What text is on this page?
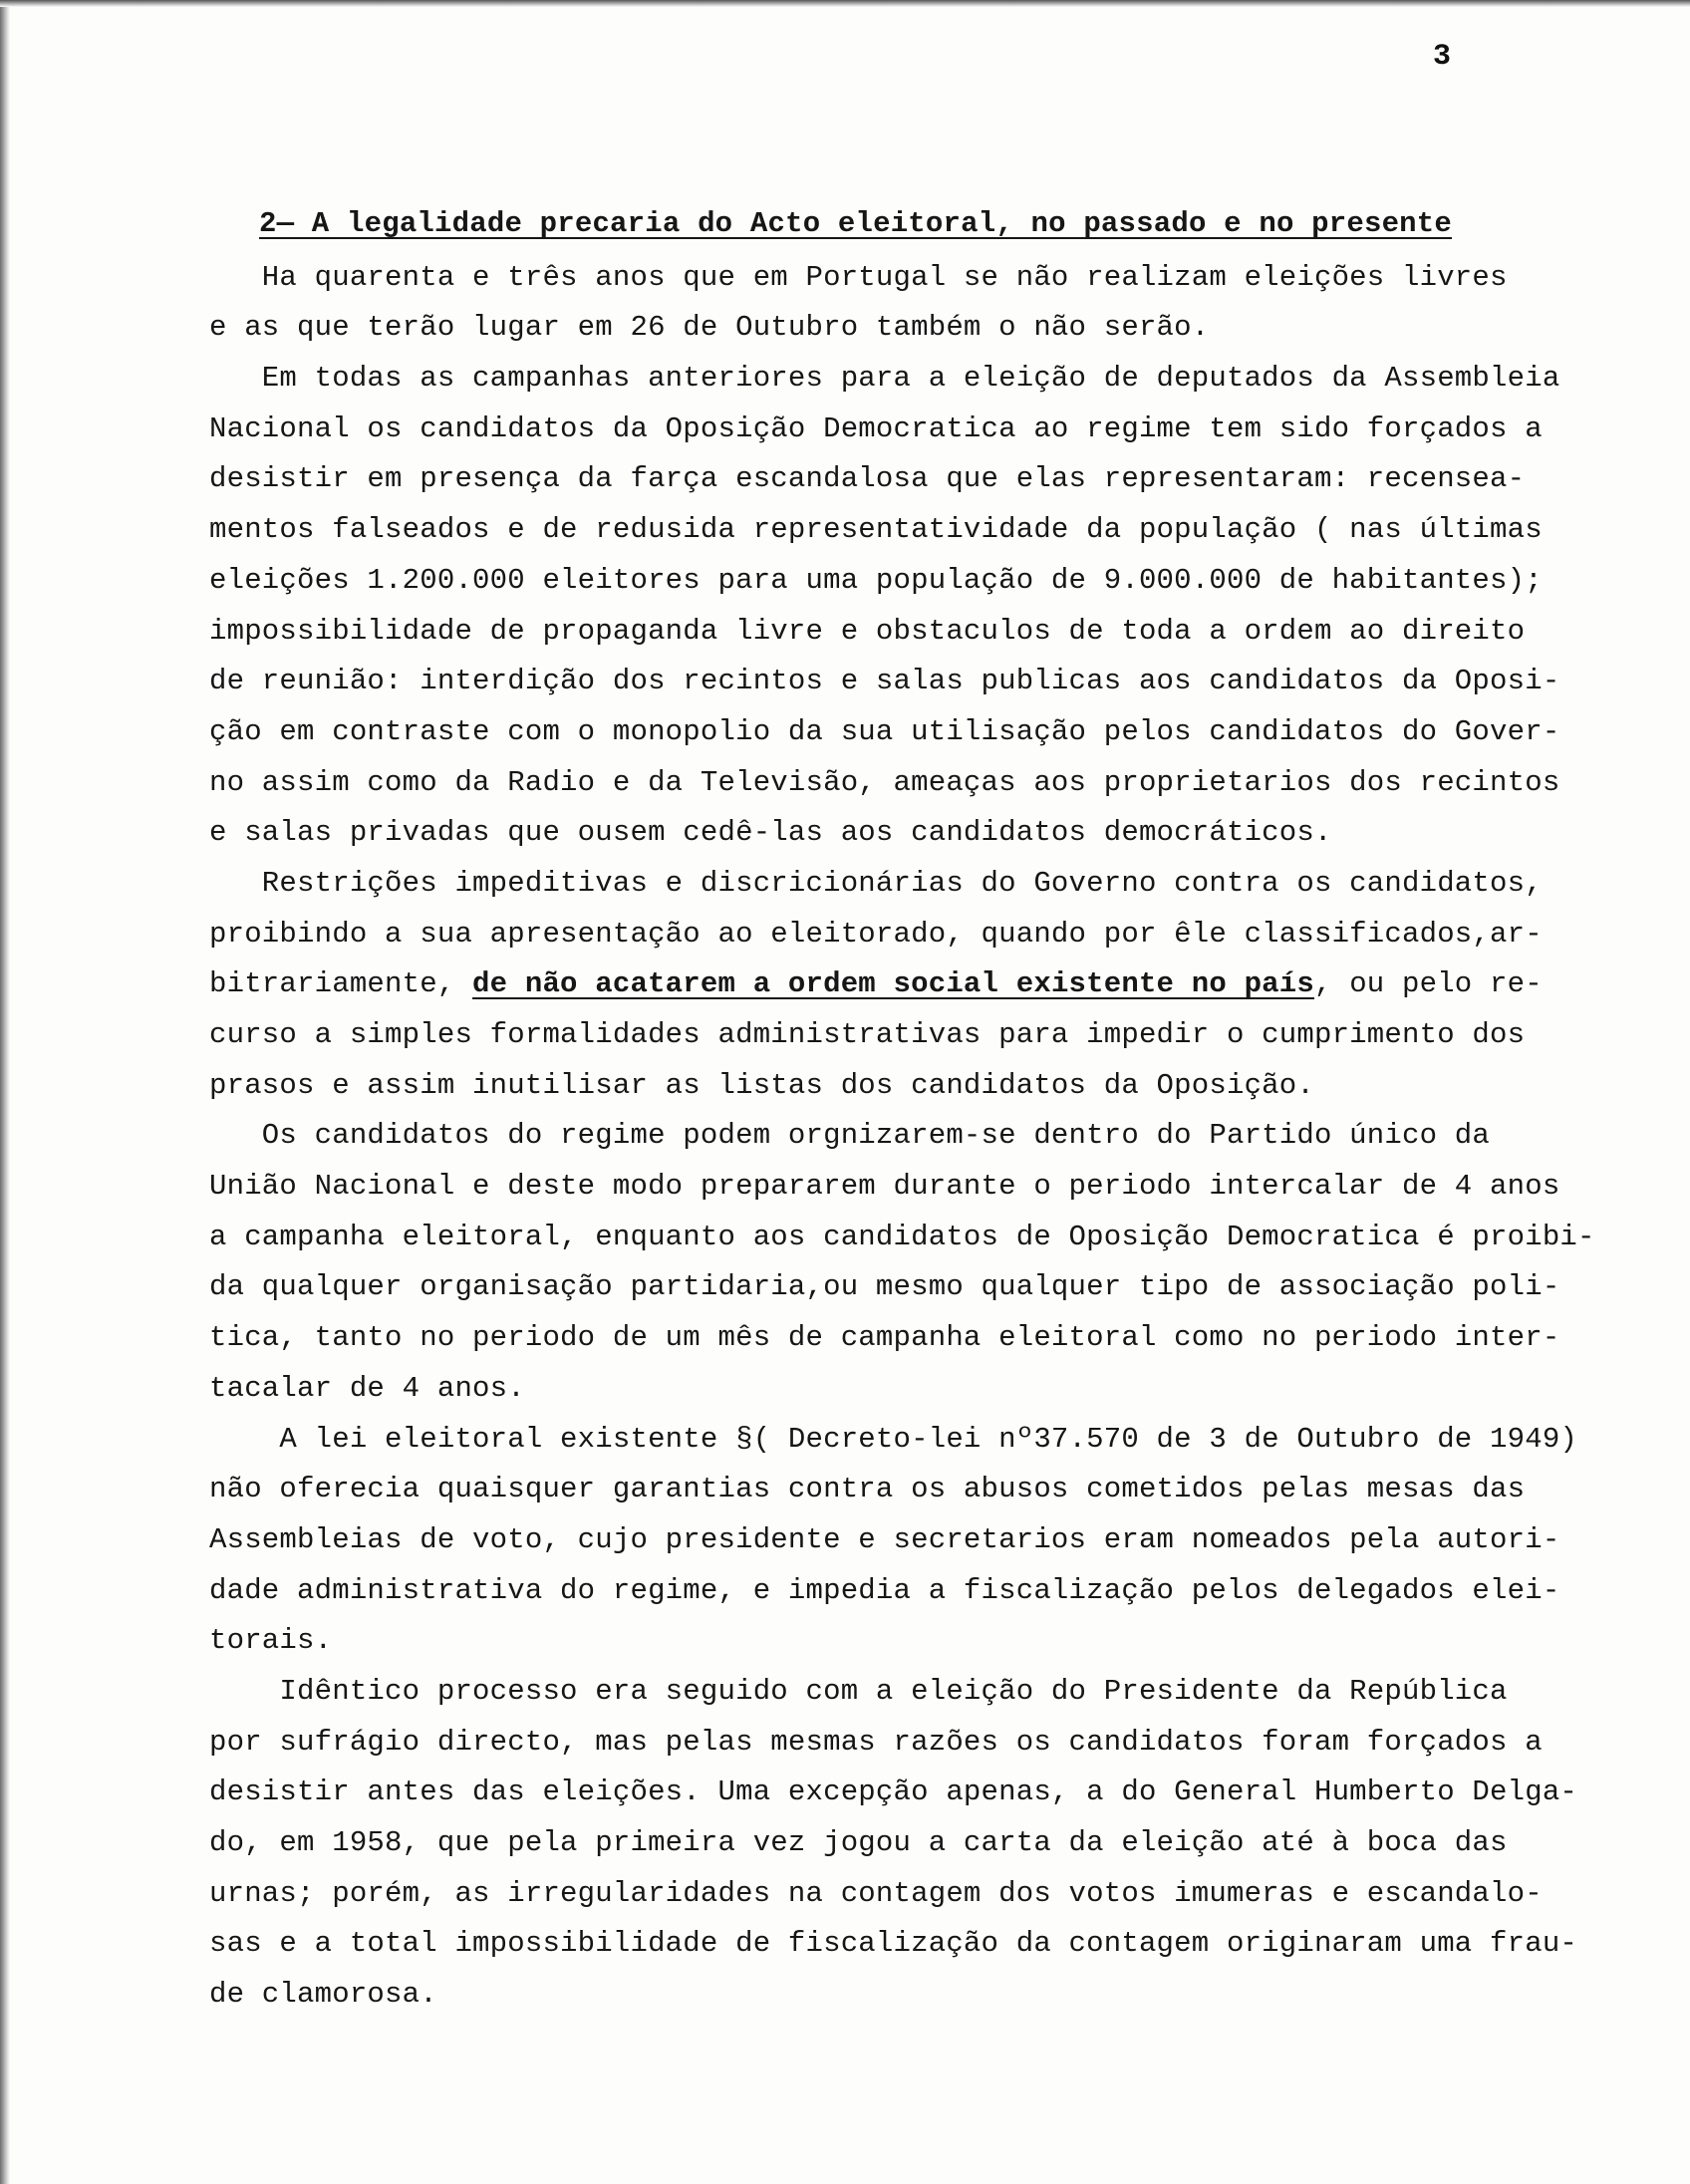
3
2— A legalidade precaria do Acto eleitoral, no passado e no presente
Ha quarenta e três anos que em Portugal se não realizam eleições livres
e as que terão lugar em 26 de Outubro também o não serão.
Em todas as campanhas anteriores para a eleição de deputados da Assembleia
Nacional os candidatos da Oposição Democratica ao regime tem sido forçados a
desistir em presença da farça escandalosa que elas representaram: recensea-
mentos falseados e de redusida representatividade da população ( nas últimas
eleições 1.200.000 eleitores para uma população de 9.000.000 de habitantes);
impossibilidade de propaganda livre e obstaculos de toda a ordem ao direito
de reunião: interdição dos recintos e salas publicas aos candidatos da Oposi-
ção em contraste com o monopolio da sua utilisação pelos candidatos do Gover-
no assim como da Radio e da Televisão, ameaças aos proprietarios dos recintos
e salas privadas que ousem cedê-las aos candidatos democráticos.
Restrições impeditivas e discricionárias do Governo contra os candidatos,
proibindo a sua apresentação ao eleitorado, quando por êle classificados,ar-
bitrariamente, de não acatarem a ordem social existente no país, ou pelo re-
curso a simples formalidades administrativas para impedir o cumprimento dos
prasos e assim inutilisar as listas dos candidatos da Oposição.
Os candidatos do regime podem orgnizarem-se dentro do Partido único da
União Nacional e deste modo prepararem durante o periodo intercalar de 4 anos
a campanha eleitoral, enquanto aos candidatos de Oposição Democratica é proibi-
da qualquer organisação partidaria,ou mesmo qualquer tipo de associação poli-
tica, tanto no periodo de um mês de campanha eleitoral como no periodo inter-
tacalar de 4 anos.
A lei eleitoral existente §( Decreto-lei nº37.570 de 3 de Outubro de 1949)
não oferecia quaisquer garantias contra os abusos cometidos pelas mesas das
Assembleias de voto, cujo presidente e secretarios eram nomeados pela autori-
dade administrativa do regime, e impedia a fiscalização pelos delegados elei-
torais.
Idêntico processo era seguido com a eleição do Presidente da República
por sufrágio directo, mas pelas mesmas razões os candidatos foram forçados a
desistir antes das eleições. Uma excepção apenas, a do General Humberto Delga-
do, em 1958, que pela primeira vez jogou a carta da eleição até à boca das
urnas; porém, as irregularidades na contagem dos votos imumeras e escandalo-
sas e a total impossibilidade de fiscalização da contagem originaram uma frau-
de clamorosa.
